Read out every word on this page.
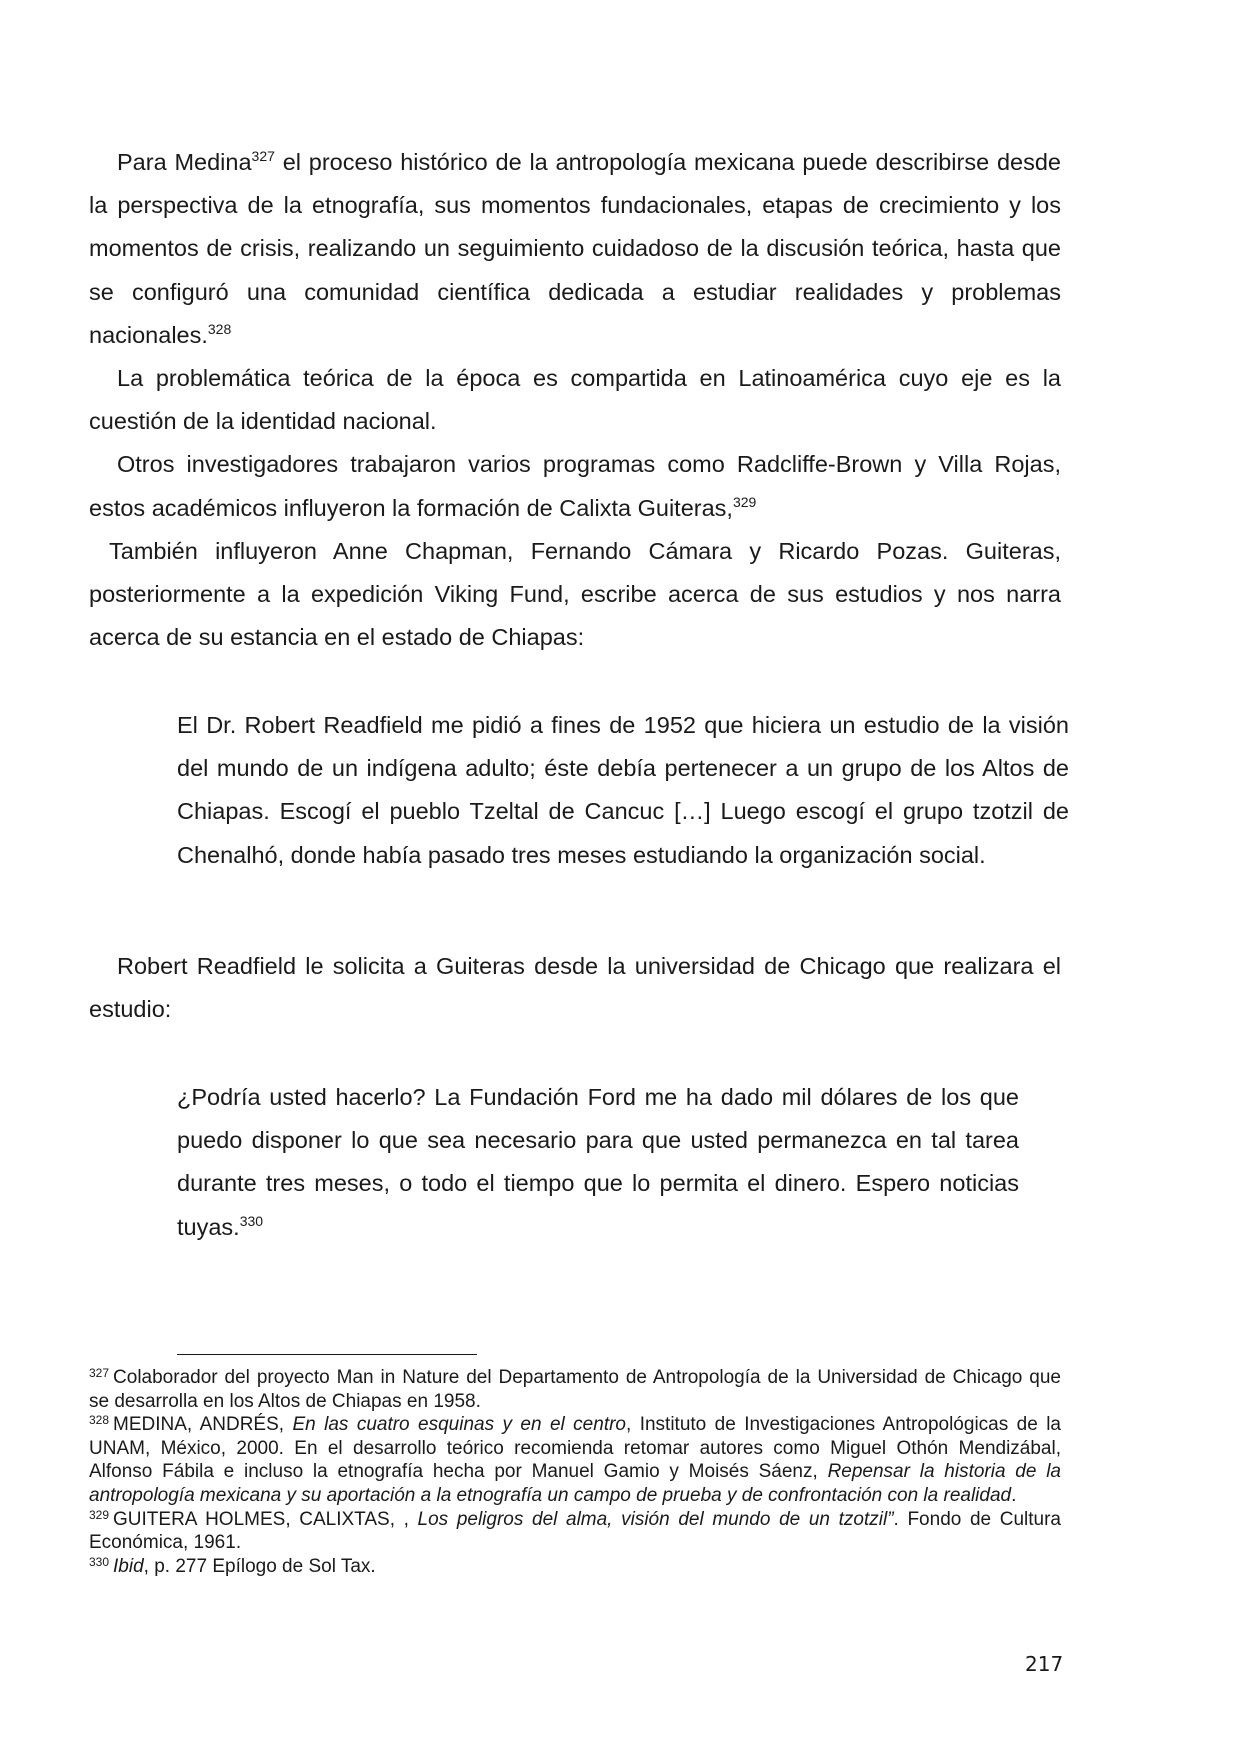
Para Medina$^{327}$ el proceso histórico de la antropología mexicana puede describirse desde la perspectiva de la etnografía, sus momentos fundacionales, etapas de crecimiento y los momentos de crisis, realizando un seguimiento cuidadoso de la discusión teórica, hasta que se configuró una comunidad científica dedicada a estudiar realidades y problemas nacionales.$^{328}$

La problemática teórica de la época es compartida en Latinoamérica cuyo eje es la cuestión de la identidad nacional.

Otros investigadores trabajaron varios programas como Radcliffe-Brown y Villa Rojas, estos académicos influyeron la formación de Calixta Guiteras,$^{329}$

También influyeron Anne Chapman, Fernando Cámara y Ricardo Pozas. Guiteras, posteriormente a la expedición Viking Fund, escribe acerca de sus estudios y nos narra acerca de su estancia en el estado de Chiapas:

El Dr. Robert Readfield me pidió a fines de 1952 que hiciera un estudio de la visión del mundo de un indígena adulto; éste debía pertenecer a un grupo de los Altos de Chiapas. Escogí el pueblo Tzeltal de Cancuc […] Luego escogí el grupo tzotzil de Chenalhó, donde había pasado tres meses estudiando la organización social.

Robert Readfield le solicita a Guiteras desde la universidad de Chicago que realizara el estudio:

¿Podría usted hacerlo? La Fundación Ford me ha dado mil dólares de los que puedo disponer lo que sea necesario para que usted permanezca en tal tarea durante tres meses, o todo el tiempo que lo permita el dinero. Espero noticias tuyas.$^{330}$

$^{327}$ Colaborador del proyecto Man in Nature del Departamento de Antropología de la Universidad de Chicago que se desarrolla en los Altos de Chiapas en 1958.

$^{328}$ MEDINA, ANDRÉS, En las cuatro esquinas y en el centro, Instituto de Investigaciones Antropológicas de la UNAM, México, 2000. En el desarrollo teórico recomienda retomar autores como Miguel Othón Mendizábal, Alfonso Fábila e incluso la etnografía hecha por Manuel Gamio y Moisés Sáenz, Repensar la historia de la antropología mexicana y su aportación a la etnografía un campo de prueba y de confrontación con la realidad.

$^{329}$ GUITERA HOLMES, CALIXTAS, , Los peligros del alma, visión del mundo de un tzotzil”. Fondo de Cultura Económica, 1961.

$^{330}$ Ibid, p. 277 Epílogo de Sol Tax.

217
